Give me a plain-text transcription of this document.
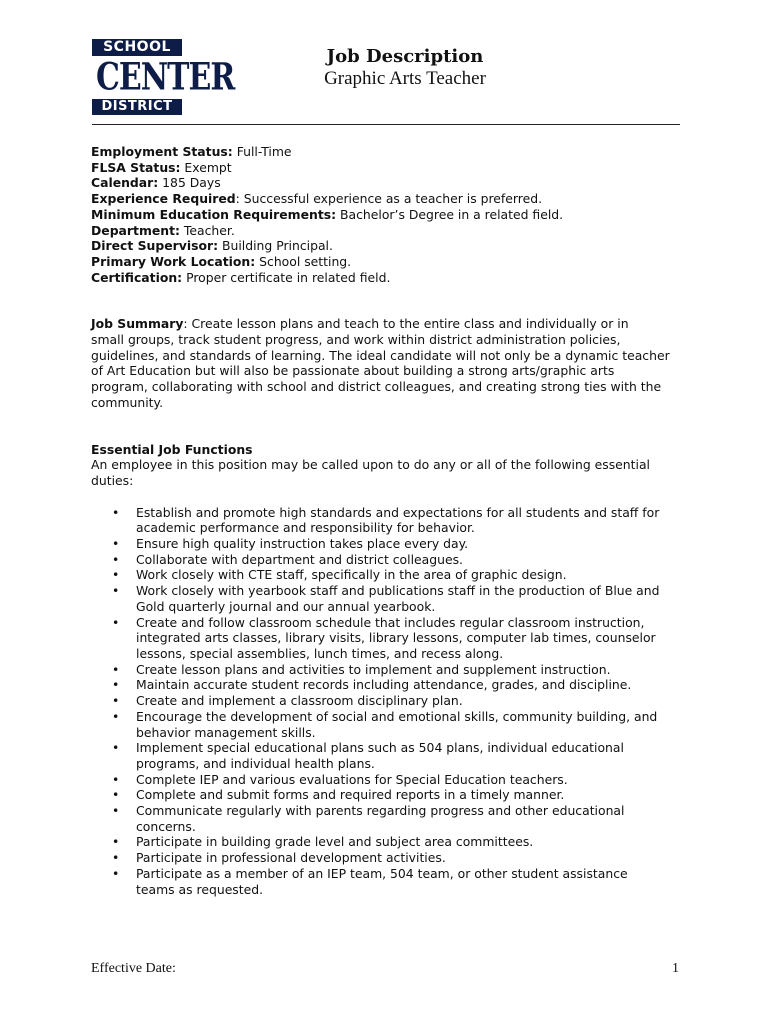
SCHOOL
CENTER
DISTRICT
Job Description
Graphic Arts Teacher
Employment Status: Full-Time
FLSA Status: Exempt
Calendar: 185 Days
Experience Required: Successful experience as a teacher is preferred.
Minimum Education Requirements: Bachelor’s Degree in a related field.
Department: Teacher.
Direct Supervisor: Building Principal.
Primary Work Location: School setting.
Certification: Proper certificate in related field.
Job Summary: Create lesson plans and teach to the entire class and individually or in
small groups, track student progress, and work within district administration policies,
guidelines, and standards of learning. The ideal candidate will not only be a dynamic teacher
of Art Education but will also be passionate about building a strong arts/graphic arts
program, collaborating with school and district colleagues, and creating strong ties with the
community.
Essential Job Functions
An employee in this position may be called upon to do any or all of the following essential
duties:
• Establish and promote high standards and expectations for all students and staff for
academic performance and responsibility for behavior.
• Ensure high quality instruction takes place every day.
• Collaborate with department and district colleagues.
• Work closely with CTE staff, specifically in the area of graphic design.
• Work closely with yearbook staff and publications staff in the production of Blue and
Gold quarterly journal and our annual yearbook.
• Create and follow classroom schedule that includes regular classroom instruction,
integrated arts classes, library visits, library lessons, computer lab times, counselor
lessons, special assemblies, lunch times, and recess along.
• Create lesson plans and activities to implement and supplement instruction.
• Maintain accurate student records including attendance, grades, and discipline.
• Create and implement a classroom disciplinary plan.
• Encourage the development of social and emotional skills, community building, and
behavior management skills.
• Implement special educational plans such as 504 plans, individual educational
programs, and individual health plans.
• Complete IEP and various evaluations for Special Education teachers.
• Complete and submit forms and required reports in a timely manner.
• Communicate regularly with parents regarding progress and other educational
concerns.
• Participate in building grade level and subject area committees.
• Participate in professional development activities.
• Participate as a member of an IEP team, 504 team, or other student assistance
teams as requested.
Effective Date:	1
